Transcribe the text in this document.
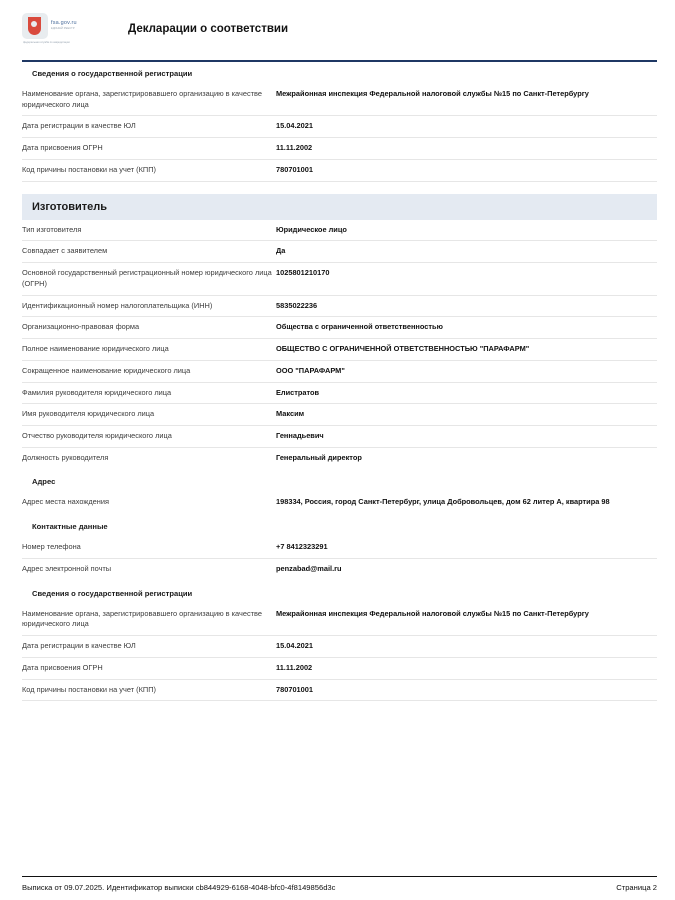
fsa.gov.ru
ЕДИНЫЙ РЕЕСТР
федеральная служба по аккредитации
Декларации о соответствии
Сведения о государственной регистрации
Наименование органа, зарегистрировавшего организацию в качестве юридического лица	Межрайонная инспекция Федеральной налоговой службы №15 по Санкт-Петербургу
Дата регистрации в качестве ЮЛ	15.04.2021
Дата присвоения ОГРН	11.11.2002
Код причины постановки на учет (КПП)	780701001
Изготовитель
Тип изготовителя	Юридическое лицо
Совпадает с заявителем	Да
Основной государственный регистрационный номер юридического лица (ОГРН)	1025801210170
Идентификационный номер налогоплательщика (ИНН)	5835022236
Организационно-правовая форма	Общества с ограниченной ответственностью
Полное наименование юридического лица	ОБЩЕСТВО С ОГРАНИЧЕННОЙ ОТВЕТСТВЕННОСТЬЮ "ПАРАФАРМ"
Сокращенное наименование юридического лица	ООО "ПАРАФАРМ"
Фамилия руководителя юридического лица	Елистратов
Имя руководителя юридического лица	Максим
Отчество руководителя юридического лица	Геннадьевич
Должность руководителя	Генеральный директор
Адрес
Адрес места нахождения	198334, Россия, город Санкт-Петербург, улица Добровольцев, дом 62 литер А, квартира 98
Контактные данные
Номер телефона	+7 8412323291
Адрес электронной почты	penzabad@mail.ru
Сведения о государственной регистрации
Наименование органа, зарегистрировавшего организацию в качестве юридического лица	Межрайонная инспекция Федеральной налоговой службы №15 по Санкт-Петербургу
Дата регистрации в качестве ЮЛ	15.04.2021
Дата присвоения ОГРН	11.11.2002
Код причины постановки на учет (КПП)	780701001
Выписка от 09.07.2025. Идентификатор выписки cb844929-6168-4048-bfc0-4f8149856d3c	Страница 2
